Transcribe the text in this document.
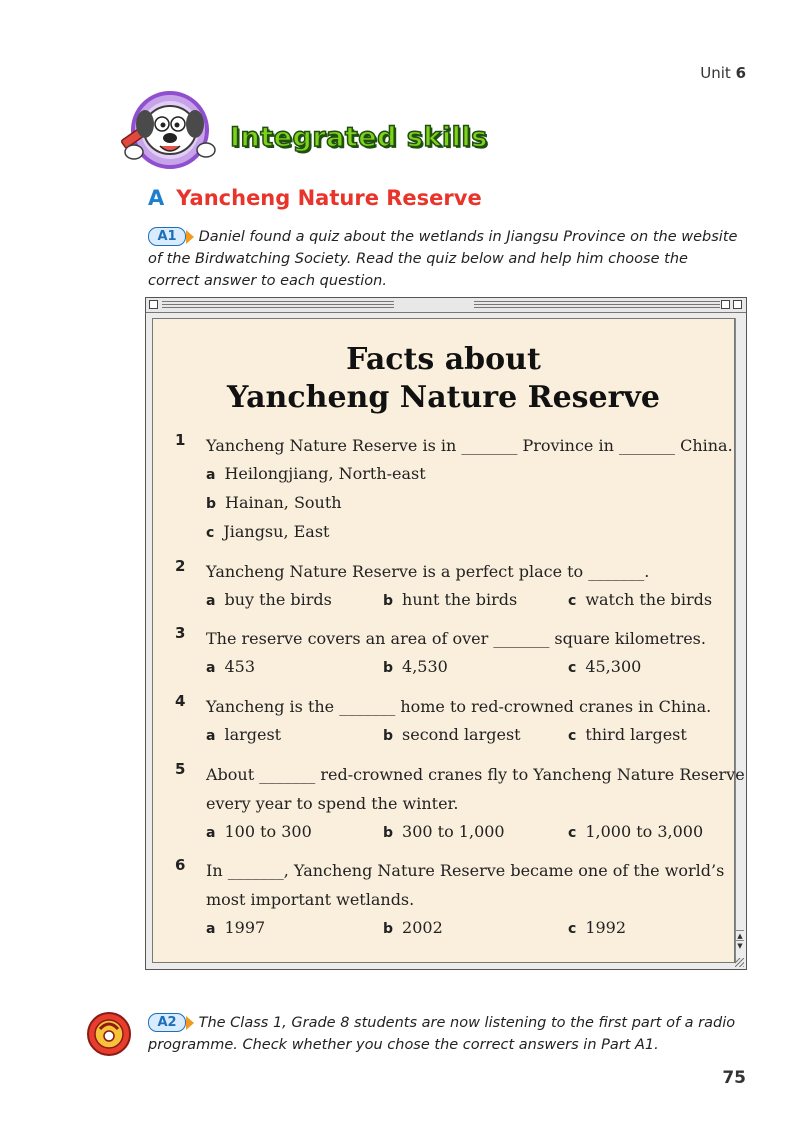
Unit 6
Integrated skills
A Yancheng Nature Reserve
A1 Daniel found a quiz about the wetlands in Jiangsu Province on the website of the Birdwatching Society. Read the quiz below and help him choose the correct answer to each question.
Facts about
Yancheng Nature Reserve
1 Yancheng Nature Reserve is in _______ Province in _______ China.
a Heilongjiang, North-east
b Hainan, South
c Jiangsu, East
2 Yancheng Nature Reserve is a perfect place to _______.
a buy the birds	b hunt the birds	c watch the birds
3 The reserve covers an area of over _______ square kilometres.
a 453	b 4,530	c 45,300
4 Yancheng is the _______ home to red-crowned cranes in China.
a largest	b second largest	c third largest
5 About _______ red-crowned cranes fly to Yancheng Nature Reserve
every year to spend the winter.
a 100 to 300	b 300 to 1,000	c 1,000 to 3,000
6 In _______, Yancheng Nature Reserve became one of the world’s
most important wetlands.
a 1997	b 2002	c 1992	▲
▼
A2 The Class 1, Grade 8 students are now listening to the first part of a radio programme. Check whether you chose the correct answers in Part A1.
75
